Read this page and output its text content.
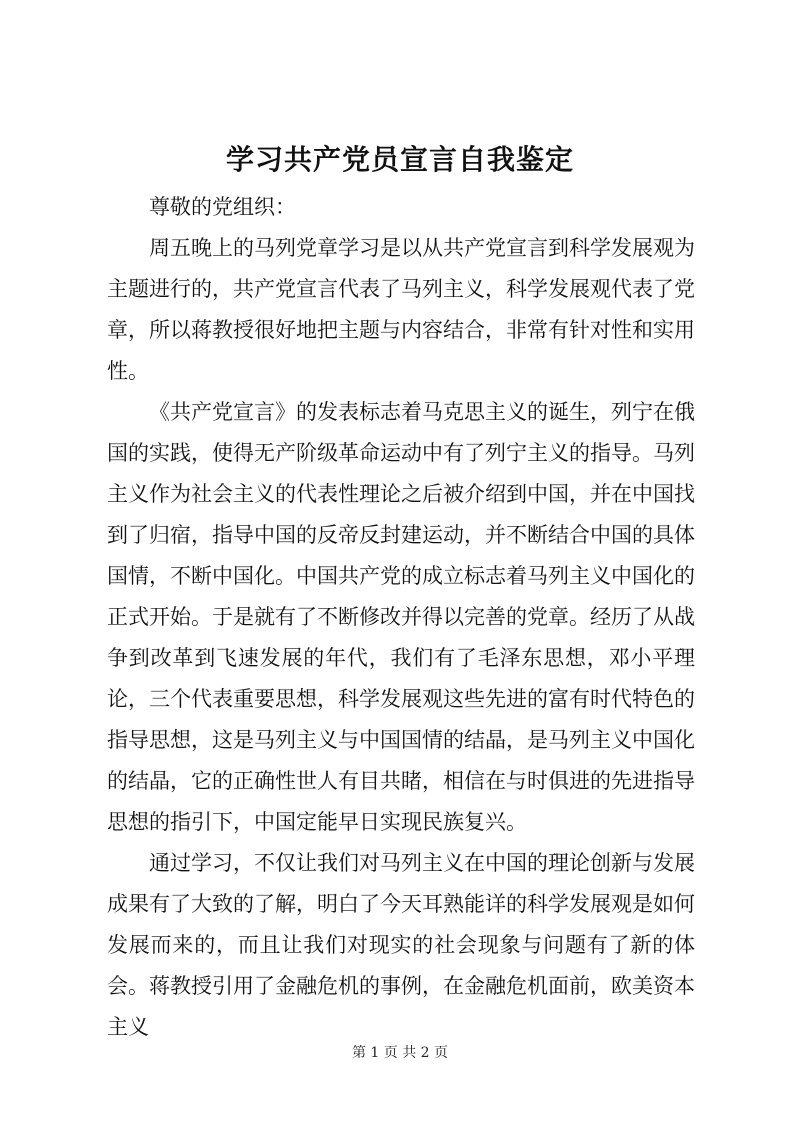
学习共产党员宣言自我鉴定

尊敬的党组织：

周五晚上的马列党章学习是以从共产党宣言到科学发展观为主题进行的，共产党宣言代表了马列主义，科学发展观代表了党章，所以蒋教授很好地把主题与内容结合，非常有针对性和实用性。

《共产党宣言》的发表标志着马克思主义的诞生，列宁在俄国的实践，使得无产阶级革命运动中有了列宁主义的指导。马列主义作为社会主义的代表性理论之后被介绍到中国，并在中国找到了归宿，指导中国的反帝反封建运动，并不断结合中国的具体国情，不断中国化。中国共产党的成立标志着马列主义中国化的正式开始。于是就有了不断修改并得以完善的党章。经历了从战争到改革到飞速发展的年代，我们有了毛泽东思想，邓小平理论，三个代表重要思想，科学发展观这些先进的富有时代特色的指导思想，这是马列主义与中国国情的结晶，是马列主义中国化的结晶，它的正确性世人有目共睹，相信在与时俱进的先进指导思想的指引下，中国定能早日实现民族复兴。

通过学习，不仅让我们对马列主义在中国的理论创新与发展成果有了大致的了解，明白了今天耳熟能详的科学发展观是如何发展而来的，而且让我们对现实的社会现象与问题有了新的体会。蒋教授引用了金融危机的事例，在金融危机面前，欧美资本主义

第 1 页 共 2 页
